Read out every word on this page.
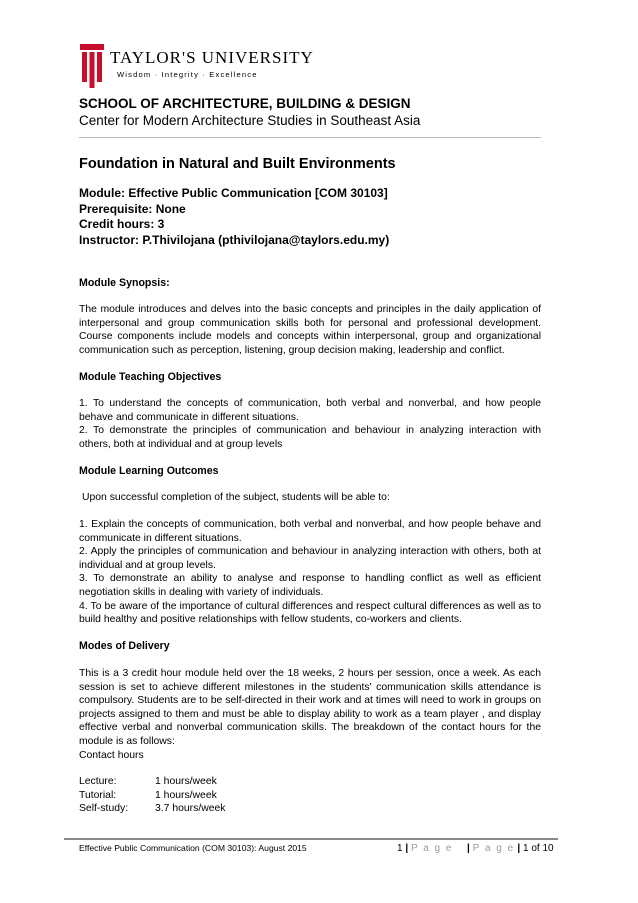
TAYLOR'S UNIVERSITY
Wisdom · Integrity · Excellence
SCHOOL OF ARCHITECTURE, BUILDING & DESIGN
Center for Modern Architecture Studies in Southeast Asia
Foundation in Natural and Built Environments
Module: Effective Public Communication [COM 30103]
Prerequisite: None
Credit hours: 3
Instructor: P.Thivilojana (pthivilojana@taylors.edu.my)
Module Synopsis:
The module introduces and delves into the basic concepts and principles in the daily application of interpersonal and group communication skills both for personal and professional development. Course components include models and concepts within interpersonal, group and organizational communication such as perception, listening, group decision making, leadership and conflict.
Module Teaching Objectives
1. To understand the concepts of communication, both verbal and nonverbal, and how people behave and communicate in different situations.
2. To demonstrate the principles of communication and behaviour in analyzing interaction with others, both at individual and at group levels
Module Learning Outcomes
Upon successful completion of the subject, students will be able to:
1. Explain the concepts of communication, both verbal and nonverbal, and how people behave and communicate in different situations.
2. Apply the principles of communication and behaviour in analyzing interaction with others, both at individual and at group levels.
3. To demonstrate an ability to analyse and response to handling conflict as well as efficient negotiation skills in dealing with variety of individuals.
4. To be aware of the importance of cultural differences and respect cultural differences as well as to build healthy and positive relationships with fellow students, co-workers and clients.
Modes of Delivery
This is a 3 credit hour module held over the 18 weeks, 2 hours per session, once a week. As each session is set to achieve different milestones in the students' communication skills attendance is compulsory. Students are to be self-directed in their work and at times will need to work in groups on projects assigned to them and must be able to display ability to work as a team player , and display effective verbal and nonverbal communication skills. The breakdown of the contact hours for the module is as follows:
Contact hours
Lecture:	1 hours/week
Tutorial:	1 hours/week
Self-study:	3.7 hours/week
Effective Public Communication (COM 30103): August 2015	1 | P a g e | P a g e | 1 of 10
